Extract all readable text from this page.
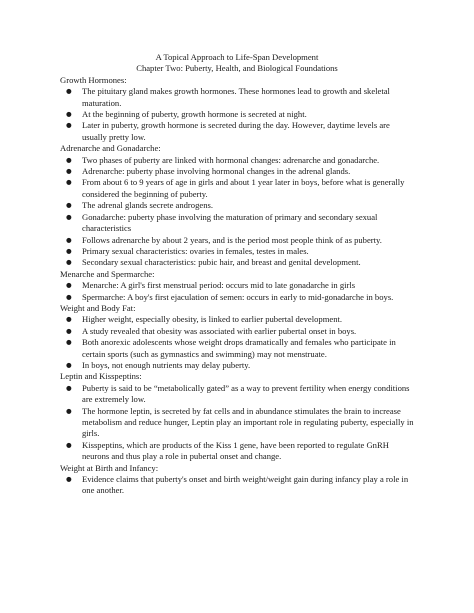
A Topical Approach to Life-Span Development
Chapter Two: Puberty, Health, and Biological Foundations
Growth Hormones:
● The pituitary gland makes growth hormones. These hormones lead to growth and skeletal maturation.
● At the beginning of puberty, growth hormone is secreted at night.
● Later in puberty, growth hormone is secreted during the day. However, daytime levels are usually pretty low.
Adrenarche and Gonadarche:
● Two phases of puberty are linked with hormonal changes: adrenarche and gonadarche.
● Adrenarche: puberty phase involving hormonal changes in the adrenal glands.
● From about 6 to 9 years of age in girls and about 1 year later in boys, before what is generally considered the beginning of puberty.
● The adrenal glands secrete androgens.
● Gonadarche: puberty phase involving the maturation of primary and secondary sexual characteristics
● Follows adrenarche by about 2 years, and is the period most people think of as puberty.
● Primary sexual characteristics: ovaries in females, testes in males.
● Secondary sexual characteristics: pubic hair, and breast and genital development.
Menarche and Spermarche:
● Menarche: A girl's first menstrual period: occurs mid to late gonadarche in girls
● Spermarche: A boy's first ejaculation of semen: occurs in early to mid-gonadarche in boys.
Weight and Body Fat:
● Higher weight, especially obesity, is linked to earlier pubertal development.
● A study revealed that obesity was associated with earlier pubertal onset in boys.
● Both anorexic adolescents whose weight drops dramatically and females who participate in certain sports (such as gymnastics and swimming) may not menstruate.
● In boys, not enough nutrients may delay puberty.
Leptin and Kisspeptins:
● Puberty is said to be “metabolically gated” as a way to prevent fertility when energy conditions are extremely low.
● The hormone leptin, is secreted by fat cells and in abundance stimulates the brain to increase metabolism and reduce hunger, Leptin play an important role in regulating puberty, especially in girls.
● Kisspeptins, which are products of the Kiss 1 gene, have been reported to regulate GnRH neurons and thus play a role in pubertal onset and change.
Weight at Birth and Infancy:
● Evidence claims that puberty's onset and birth weight/weight gain during infancy play a role in one another.
